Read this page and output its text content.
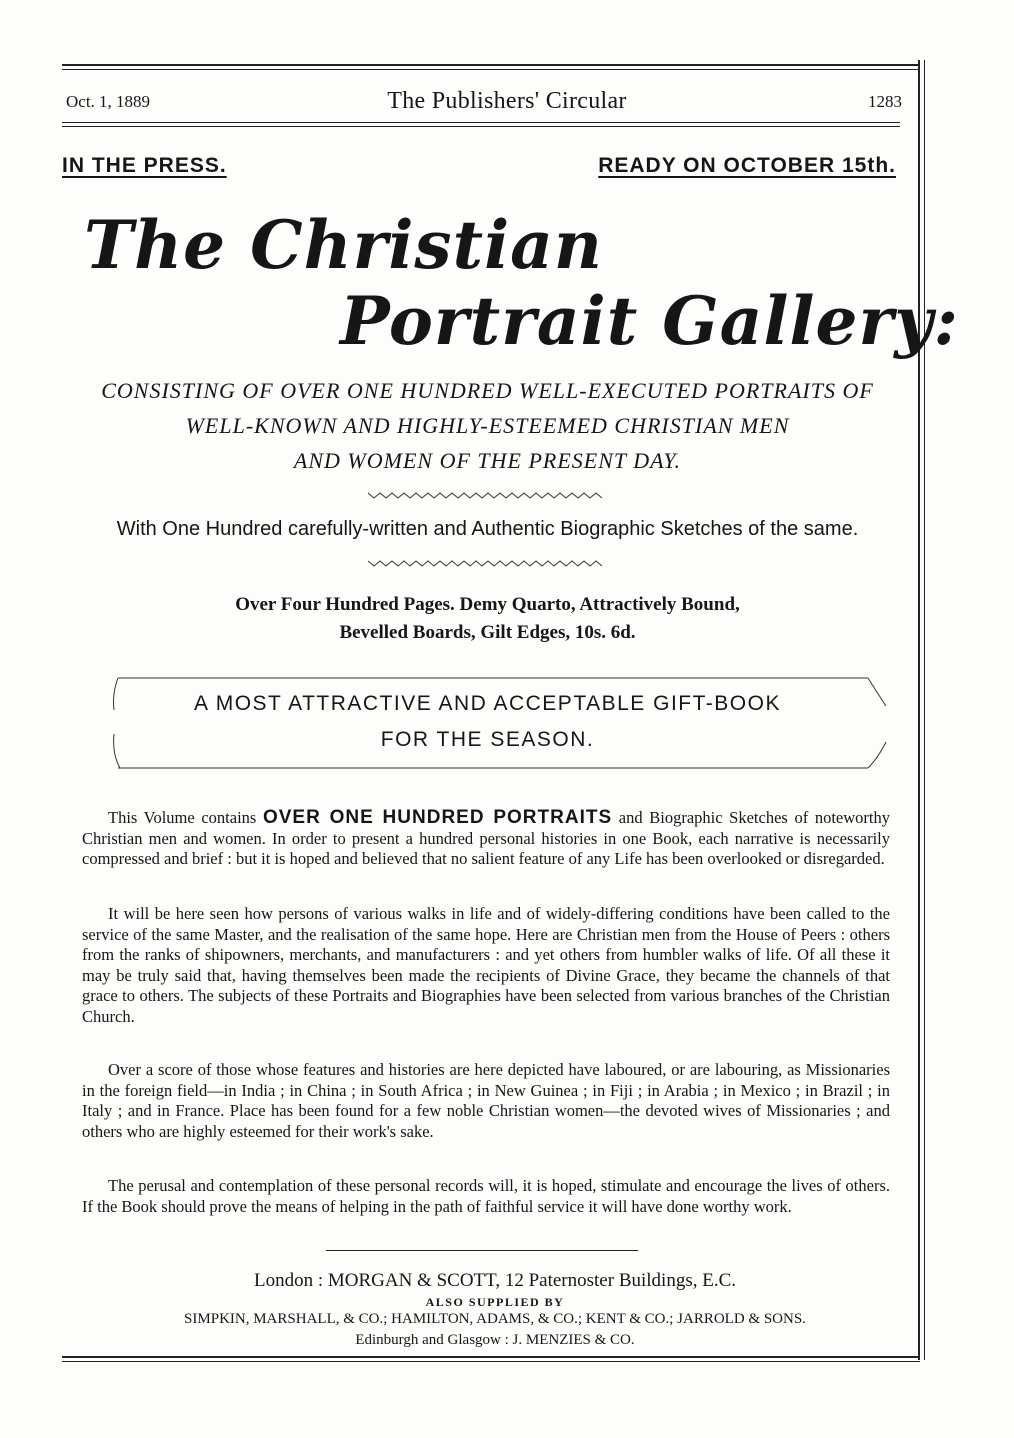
Oct. 1, 1889	The Publishers' Circular	1283
IN THE PRESS.	READY ON OCTOBER 15th.
The Christian
Portrait Gallery:
CONSISTING OF OVER ONE HUNDRED WELL-EXECUTED PORTRAITS OF
WELL-KNOWN AND HIGHLY-ESTEEMED CHRISTIAN MEN
AND WOMEN OF THE PRESENT DAY.
With One Hundred carefully-written and Authentic Biographic Sketches of the same.
Over Four Hundred Pages. Demy Quarto, Attractively Bound,
Bevelled Boards, Gilt Edges, 10s. 6d.
A MOST ATTRACTIVE AND ACCEPTABLE GIFT-BOOK
FOR THE SEASON.
This Volume contains OVER ONE HUNDRED PORTRAITS and Biographic Sketches of noteworthy Christian men and women. In order to present a hundred personal histories in one Book, each narrative is necessarily compressed and brief : but it is hoped and believed that no salient feature of any Life has been overlooked or disregarded.
It will be here seen how persons of various walks in life and of widely-differing conditions have been called to the service of the same Master, and the realisation of the same hope. Here are Christian men from the House of Peers : others from the ranks of shipowners, merchants, and manufacturers : and yet others from humbler walks of life. Of all these it may be truly said that, having themselves been made the recipients of Divine Grace, they became the channels of that grace to others. The subjects of these Portraits and Biographies have been selected from various branches of the Christian Church.
Over a score of those whose features and histories are here depicted have laboured, or are labouring, as Missionaries in the foreign field—in India ; in China ; in South Africa ; in New Guinea ; in Fiji ; in Arabia ; in Mexico ; in Brazil ; in Italy ; and in France. Place has been found for a few noble Christian women—the devoted wives of Missionaries ; and others who are highly esteemed for their work's sake.
The perusal and contemplation of these personal records will, it is hoped, stimulate and encourage the lives of others. If the Book should prove the means of helping in the path of faithful service it will have done worthy work.
London : MORGAN & SCOTT, 12 Paternoster Buildings, E.C.
ALSO SUPPLIED BY
SIMPKIN, MARSHALL, & CO.; HAMILTON, ADAMS, & CO.; KENT & CO.; JARROLD & SONS.
Edinburgh and Glasgow : J. MENZIES & CO.
